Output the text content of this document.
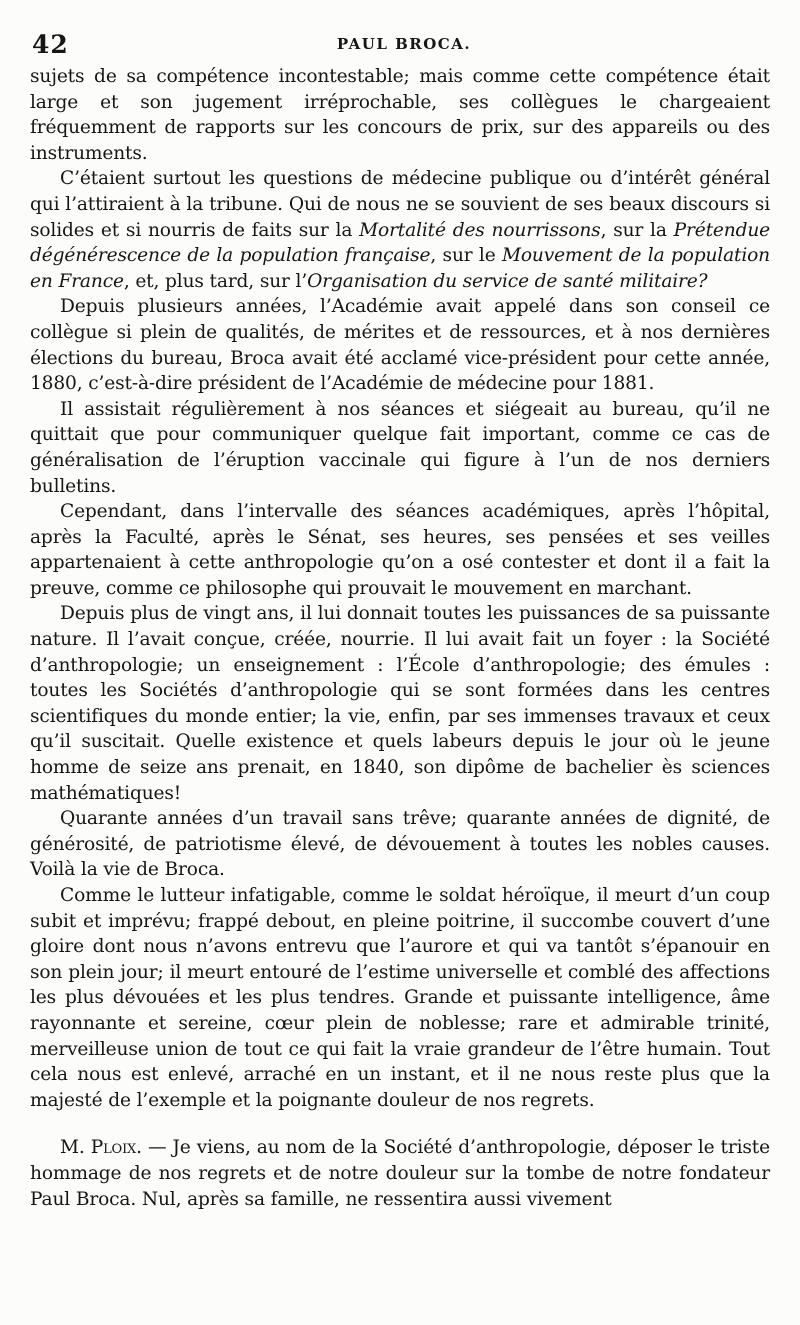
42	PAUL BROCA.

sujets de sa compétence incontestable; mais comme cette compétence était large et son jugement irréprochable, ses collègues le chargeaient fréquemment de rapports sur les concours de prix, sur des appareils ou des instruments.

C’étaient surtout les questions de médecine publique ou d’intérêt général qui l’attiraient à la tribune. Qui de nous ne se souvient de ses beaux discours si solides et si nourris de faits sur la Mortalité des nourrissons, sur la Prétendue dégénérescence de la population française, sur le Mouvement de la population en France, et, plus tard, sur l’Organisation du service de santé militaire?

Depuis plusieurs années, l’Académie avait appelé dans son conseil ce collègue si plein de qualités, de mérites et de ressources, et à nos dernières élections du bureau, Broca avait été acclamé vice-président pour cette année, 1880, c’est-à-dire président de l’Académie de médecine pour 1881.

Il assistait régulièrement à nos séances et siégeait au bureau, qu’il ne quittait que pour communiquer quelque fait important, comme ce cas de généralisation de l’éruption vaccinale qui figure à l’un de nos derniers bulletins.

Cependant, dans l’intervalle des séances académiques, après l’hôpital, après la Faculté, après le Sénat, ses heures, ses pensées et ses veilles appartenaient à cette anthropologie qu’on a osé contester et dont il a fait la preuve, comme ce philosophe qui prouvait le mouvement en marchant.

Depuis plus de vingt ans, il lui donnait toutes les puissances de sa puissante nature. Il l’avait conçue, créée, nourrie. Il lui avait fait un foyer : la Société d’anthropologie; un enseignement : l’École d’anthropologie; des émules : toutes les Sociétés d’anthropologie qui se sont formées dans les centres scientifiques du monde entier; la vie, enfin, par ses immenses travaux et ceux qu’il suscitait. Quelle existence et quels labeurs depuis le jour où le jeune homme de seize ans prenait, en 1840, son dipôme de bachelier ès sciences mathématiques!

Quarante années d’un travail sans trêve; quarante années de dignité, de générosité, de patriotisme élevé, de dévouement à toutes les nobles causes. Voilà la vie de Broca.

Comme le lutteur infatigable, comme le soldat héroïque, il meurt d’un coup subit et imprévu; frappé debout, en pleine poitrine, il succombe couvert d’une gloire dont nous n’avons entrevu que l’aurore et qui va tantôt s’épanouir en son plein jour; il meurt entouré de l’estime universelle et comblé des affections les plus dévouées et les plus tendres. Grande et puissante intelligence, âme rayonnante et sereine, cœur plein de noblesse; rare et admirable trinité, merveilleuse union de tout ce qui fait la vraie grandeur de l’être humain. Tout cela nous est enlevé, arraché en un instant, et il ne nous reste plus que la majesté de l’exemple et la poignante douleur de nos regrets.

M. Ploix. — Je viens, au nom de la Société d’anthropologie, déposer le triste hommage de nos regrets et de notre douleur sur la tombe de notre fondateur Paul Broca. Nul, après sa famille, ne ressentira aussi vivement
